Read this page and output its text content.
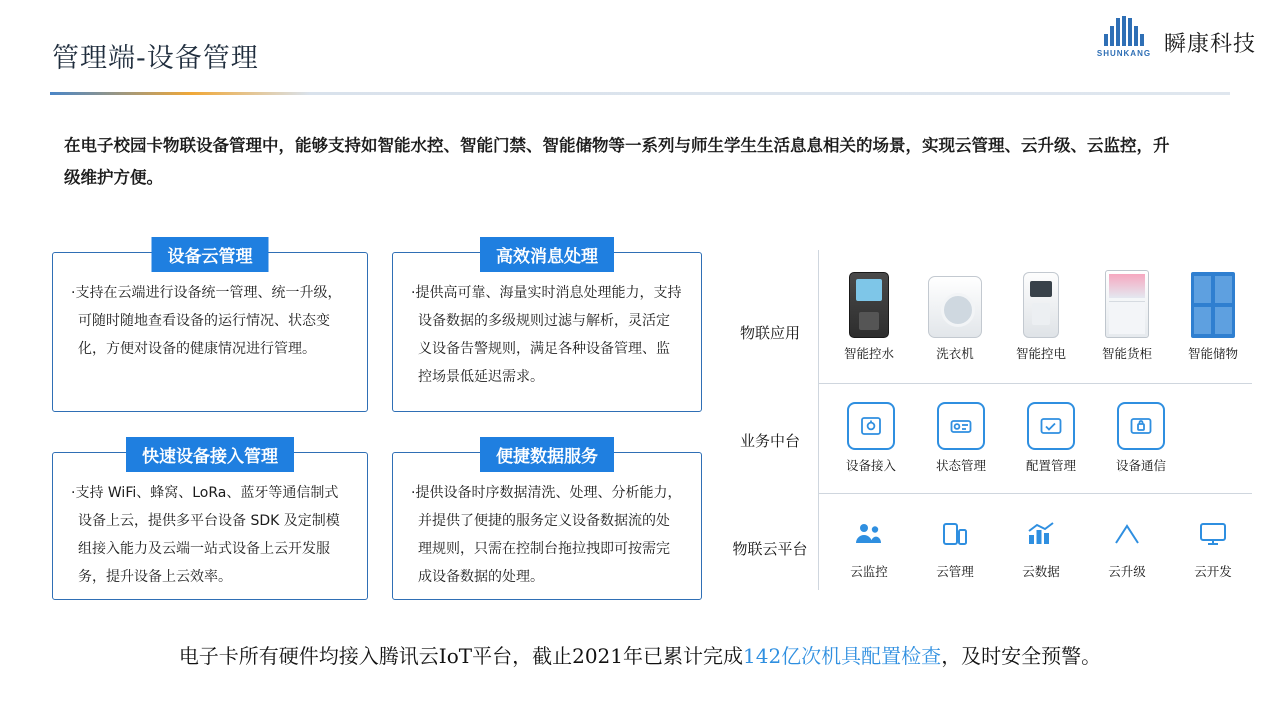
管理端-设备管理	SHUNKANG 瞬康科技
在电子校园卡物联设备管理中，能够支持如智能水控、智能门禁、智能储物等一系列与师生学生生活息息相关的场景，实现云管理、云升级、云监控，升级维护方便。
设备云管理
·支持在云端进行设备统一管理、统一升级，可随时随地查看设备的运行情况、状态变化，方便对设备的健康情况进行管理。
高效消息处理
·提供高可靠、海量实时消息处理能力，支持设备数据的多级规则过滤与解析，灵活定义设备告警规则，满足各种设备管理、监控场景低延迟需求。
快速设备接入管理
·支持 WiFi、蜂窝、LoRa、蓝牙等通信制式设备上云，提供多平台设备 SDK 及定制模组接入能力及云端一站式设备上云开发服务，提升设备上云效率。
便捷数据服务
·提供设备时序数据清洗、处理、分析能力，并提供了便捷的服务定义设备数据流的处理规则，只需在控制台拖拉拽即可按需完成设备数据的处理。
物联应用
智能控水	洗衣机	智能控电	智能货柜	智能储物
业务中台
设备接入	状态管理	配置管理	设备通信
物联云平台
云监控	云管理	云数据	云升级	云开发
电子卡所有硬件均接入腾讯云IoT平台，截止2021年已累计完成142亿次机具配置检查，及时安全预警。
